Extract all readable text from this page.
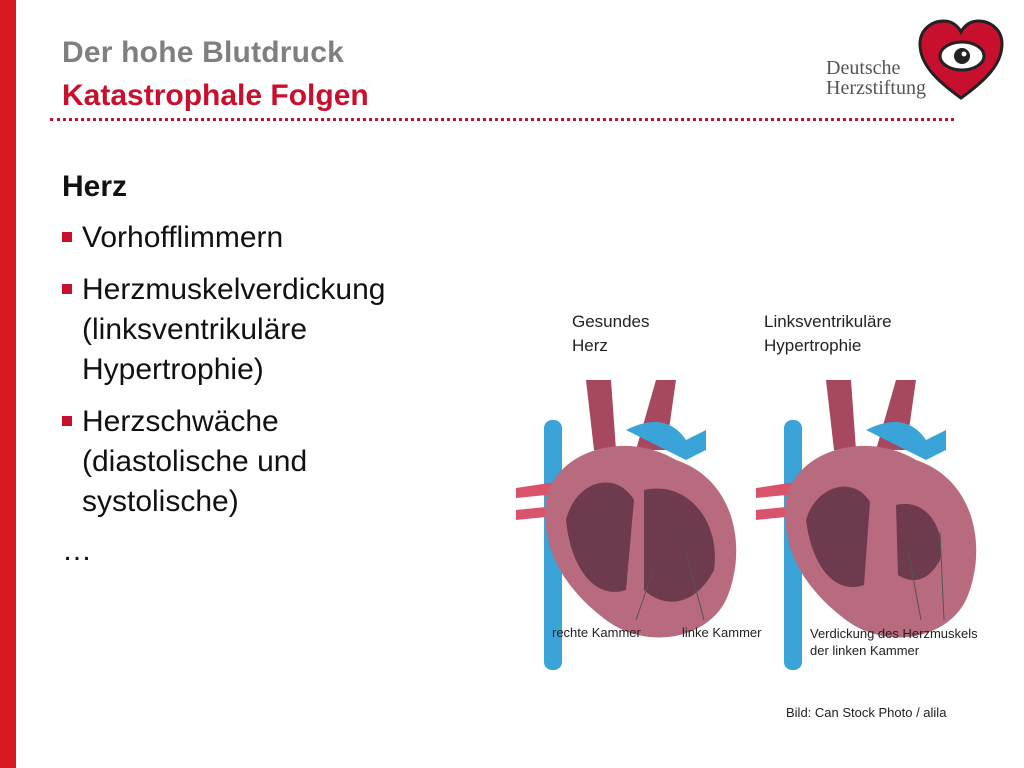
Der hohe Blutdruck
Katastrophale Folgen
Deutsche
Herzstiftung
Herz
Vorhofflimmern
Herzmuskelverdickung
(linksventrikuläre
Hypertrophie)
Herzschwäche
(diastolische und
systolische)
…
Gesundes
Herz
Linksventrikuläre
Hypertrophie
rechte Kammer	linke Kammer	Verdickung des Herzmuskels
der linken Kammer
Bild: Can Stock Photo / alila
